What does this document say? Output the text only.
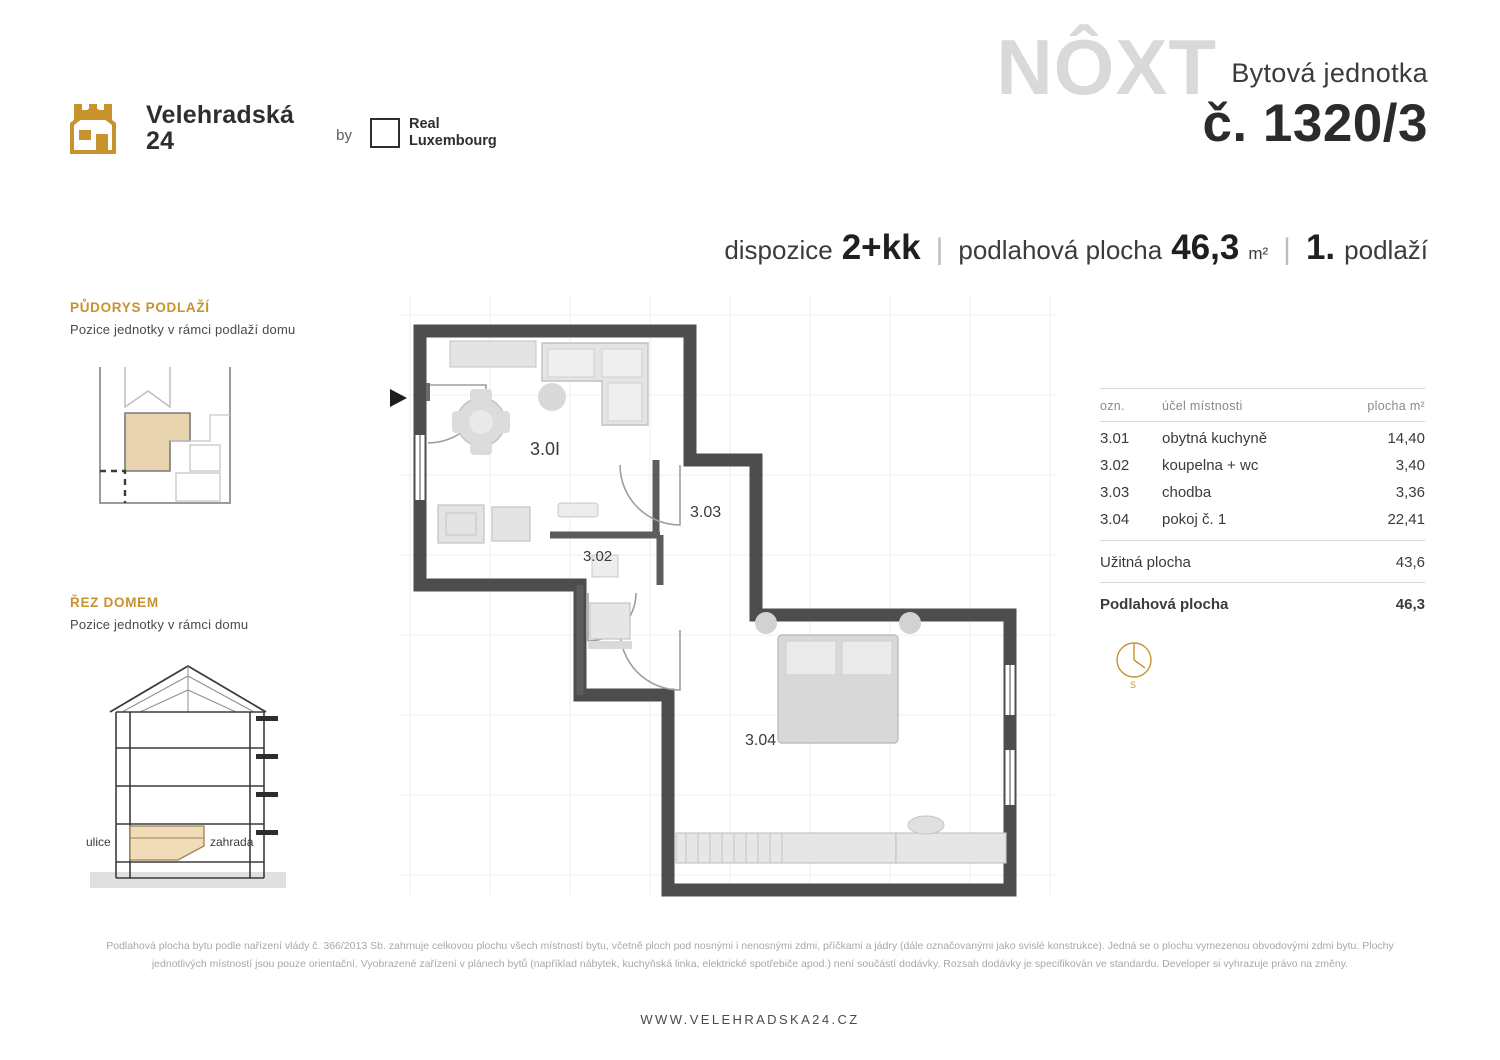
Velehradská
24	by
Real
Luxembourg
NÔXT Bytová jednotka
č. 1320/3
dispozice 2+kk | podlahová plocha 46,3 m² | 1. podlaží
PŮDORYS PODLAŽÍ
Pozice jednotky v rámci podlaží domu
ŘEZ DOMEM
Pozice jednotky v rámci domu
ulice	zahrada
ozn.	účel místnosti	plocha m²
3.01	obytná kuchyně	14,40
3.02	koupelna + wc	3,40
3.03	chodba	3,36
3.04	pokoj č. 1	22,41
Užitná plocha	43,6
Podlahová plocha	46,3
S
3.0I
3.02
3.03
3.04
Podlahová plocha bytu podle nařízení vlády č. 366/2013 Sb. zahrnuje celkovou plochu všech místností bytu, včetně ploch pod nosnými i nenosnými zdmi, příčkami a jádry (dále označovanými jako svislé konstrukce). Jedná se o plochu vymezenou obvodovými zdmi bytu. Plochy jednotlivých místností jsou pouze orientační. Vyobrazené zařízení v plánech bytů (například nábytek, kuchyňská linka, elektrické spotřebiče apod.) není součástí dodávky. Rozsah dodávky je specifikován ve standardu. Developer si vyhrazuje právo na změny.
WWW.VELEHRADSKA24.CZ
